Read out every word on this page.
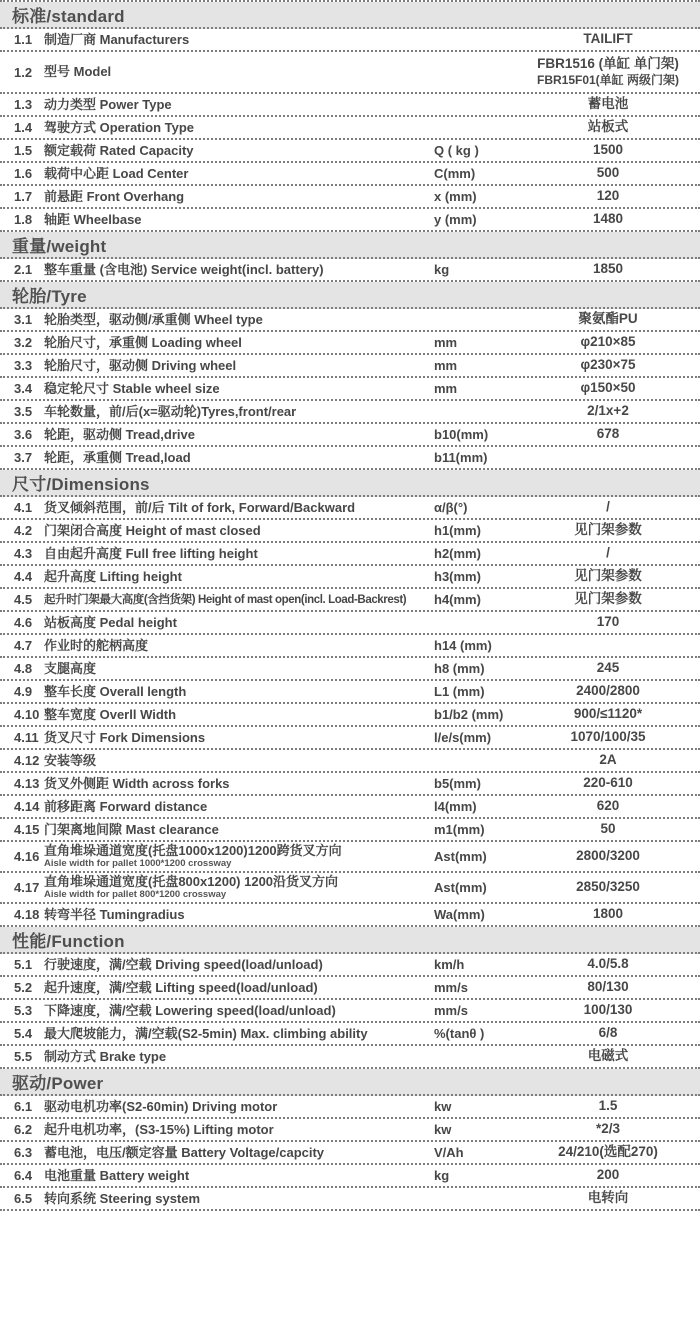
标准/standard
1.1 制造厂商 Manufacturers	TAILIFT
1.2 型号 Model
FBR1516 (单缸 单门架)
FBR15F01(单缸 两级门架)
1.3 动力类型 Power Type	蓄电池
1.4 驾驶方式 Operation Type	站板式
1.5 额定载荷 Rated Capacity	Q ( kg )	1500
1.6 载荷中心距 Load Center	C(mm)	500
1.7 前悬距 Front Overhang	x (mm)	120
1.8 轴距 Wheelbase	y (mm)	1480
重量/weight
2.1 整车重量 (含电池) Service weight(incl. battery)	kg	1850
轮胎/Tyre
3.1 轮胎类型，驱动侧/承重侧 Wheel type	聚氨酯PU
3.2 轮胎尺寸，承重侧 Loading wheel	mm	φ210×85
3.3 轮胎尺寸，驱动侧 Driving wheel	mm	φ230×75
3.4 稳定轮尺寸 Stable wheel size	mm	φ150×50
3.5 车轮数量，前/后(x=驱动轮)Tyres,front/rear	2/1x+2
3.6 轮距，驱动侧 Tread,drive	b10(mm)	678
3.7 轮距，承重侧 Tread,load	b11(mm)
尺寸/Dimensions
4.1 货叉倾斜范围，前/后 Tilt of fork, Forward/Backward	α/β(°)	/
4.2 门架闭合高度 Height of mast closed	h1(mm)	见门架参数
4.3 自由起升高度 Full free lifting height	h2(mm)	/
4.4 起升高度 Lifting height	h3(mm)	见门架参数
4.5	起升时门架最大高度(含挡货架) Height of mast open(incl. Load-Backrest)	h4(mm)	见门架参数
4.6 站板高度 Pedal height	170
4.7 作业时的舵柄高度	h14 (mm)
4.8 支腿高度	h8 (mm)	245
4.9 整车长度 Overall length	L1 (mm)	2400/2800
4.10 整车宽度 Overll Width	b1/b2 (mm)	900/≤1120*
4.11 货叉尺寸 Fork Dimensions	l/e/s(mm)	1070/100/35
4.12 安装等级	2A
4.13 货叉外侧距 Width across forks	b5(mm)	220-610
4.14 前移距离 Forward distance	l4(mm)	620
4.15 门架离地间隙 Mast clearance	m1(mm)	50
4.16 直角堆垛通道宽度(托盘1000x1200)1200跨货叉方向
Aisle width for pallet 1000*1200 crossway	Ast(mm)	2800/3200
4.17 直角堆垛通道宽度(托盘800x1200) 1200沿货叉方向
Aisle width for pallet 800*1200 crossway	Ast(mm)	2850/3250
4.18 转弯半径 Tumingradius	Wa(mm)	1800
性能/Function
5.1 行驶速度，满/空载 Driving speed(load/unload)	km/h	4.0/5.8
5.2 起升速度，满/空载 Lifting speed(load/unload)	mm/s	80/130
5.3 下降速度，满/空载 Lowering speed(load/unload)	mm/s	100/130
5.4 最大爬坡能力，满/空载(S2-5min) Max. climbing ability	%(tanθ )	6/8
5.5 制动方式 Brake type	电磁式
驱动/Power
6.1 驱动电机功率(S2-60min) Driving motor	kw	1.5
6.2 起升电机功率，(S3-15%) Lifting motor	kw	*2/3
6.3 蓄电池，电压/额定容量 Battery Voltage/capcity	V/Ah	24/210(选配270)
6.4 电池重量 Battery weight	kg	200
6.5 转向系统 Steering system	电转向
